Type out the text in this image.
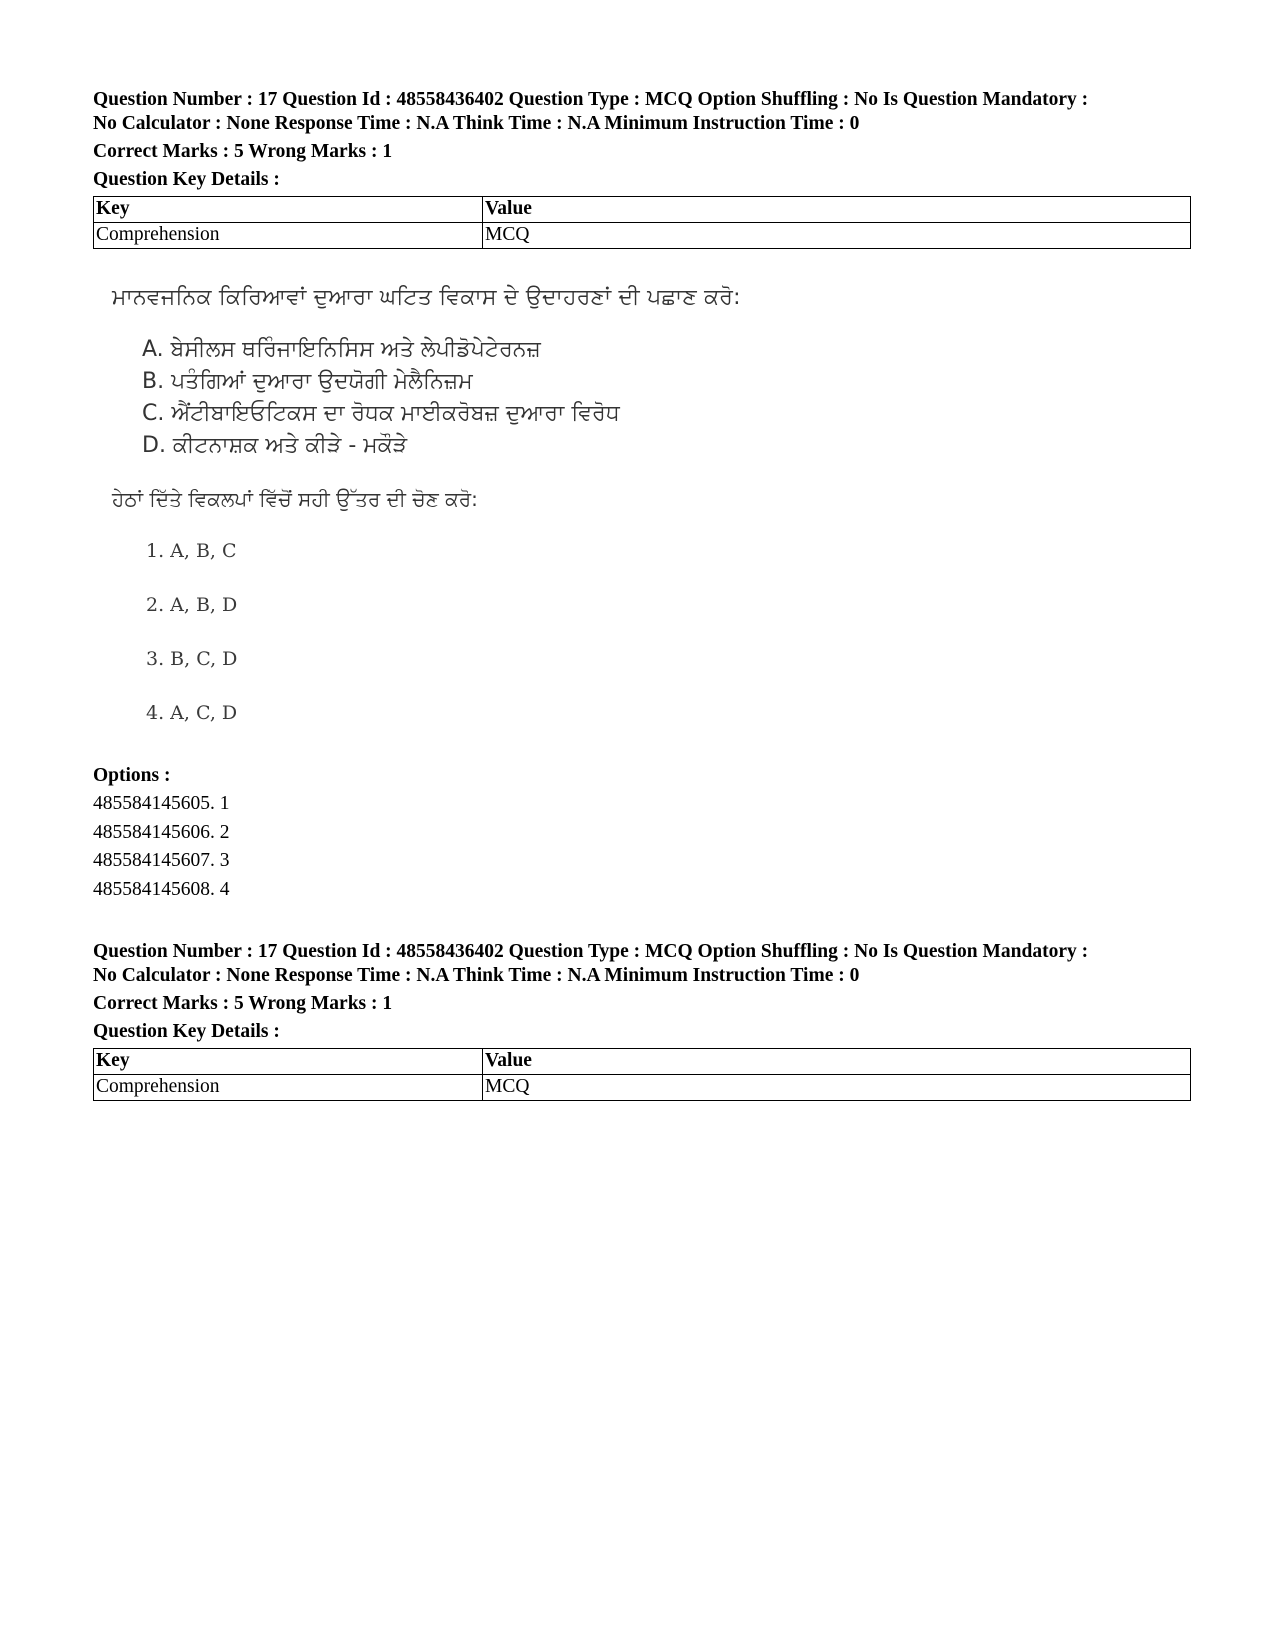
Question Number : 17 Question Id : 48558436402 Question Type : MCQ Option Shuffling : No Is Question Mandatory :

No Calculator : None Response Time : N.A Think Time : N.A Minimum Instruction Time : 0

Correct Marks : 5 Wrong Marks : 1

Question Key Details :

Key	Value
Comprehension	MCQ

ਮਾਨਵਜਨਿਕ ਕਿਰਿਆਵਾਂ ਦੁਆਰਾ ਘਟਿਤ ਵਿਕਾਸ ਦੇ ਉਦਾਹਰਣਾਂ ਦੀ ਪਛਾਣ ਕਰੋ:

A. ਬੇਸੀਲਸ ਥਰਿੰਜਾਇਨਿਸਿਸ ਅਤੇ ਲੇਪੀਡੋਪੇਟੇਰਨਜ਼
B. ਪਤੰਗਿਆਂ ਦੁਆਰਾ ਉਦਯੋਗੀ ਮੇਲੈਨਿਜ਼ਮ
C. ਐਂਟੀਬਾਇਓਟਿਕਸ ਦਾ ਰੋਧਕ ਮਾਈਕਰੋਬਜ਼ ਦੁਆਰਾ ਵਿਰੋਧ
D. ਕੀਟਨਾਸ਼ਕ ਅਤੇ ਕੀੜੇ - ਮਕੌੜੇ

ਹੇਠਾਂ ਦਿੱਤੇ ਵਿਕਲਪਾਂ ਵਿੱਚੋਂ ਸਹੀ ਉੱਤਰ ਦੀ ਚੋਣ ਕਰੋ:

1. A, B, C
2. A, B, D
3. B, C, D
4. A, C, D
Options :
485584145605. 1
485584145606. 2
485584145607. 3
485584145608. 4

Question Number : 17 Question Id : 48558436402 Question Type : MCQ Option Shuffling : No Is Question Mandatory :

No Calculator : None Response Time : N.A Think Time : N.A Minimum Instruction Time : 0

Correct Marks : 5 Wrong Marks : 1

Question Key Details :

Key	Value
Comprehension	MCQ
